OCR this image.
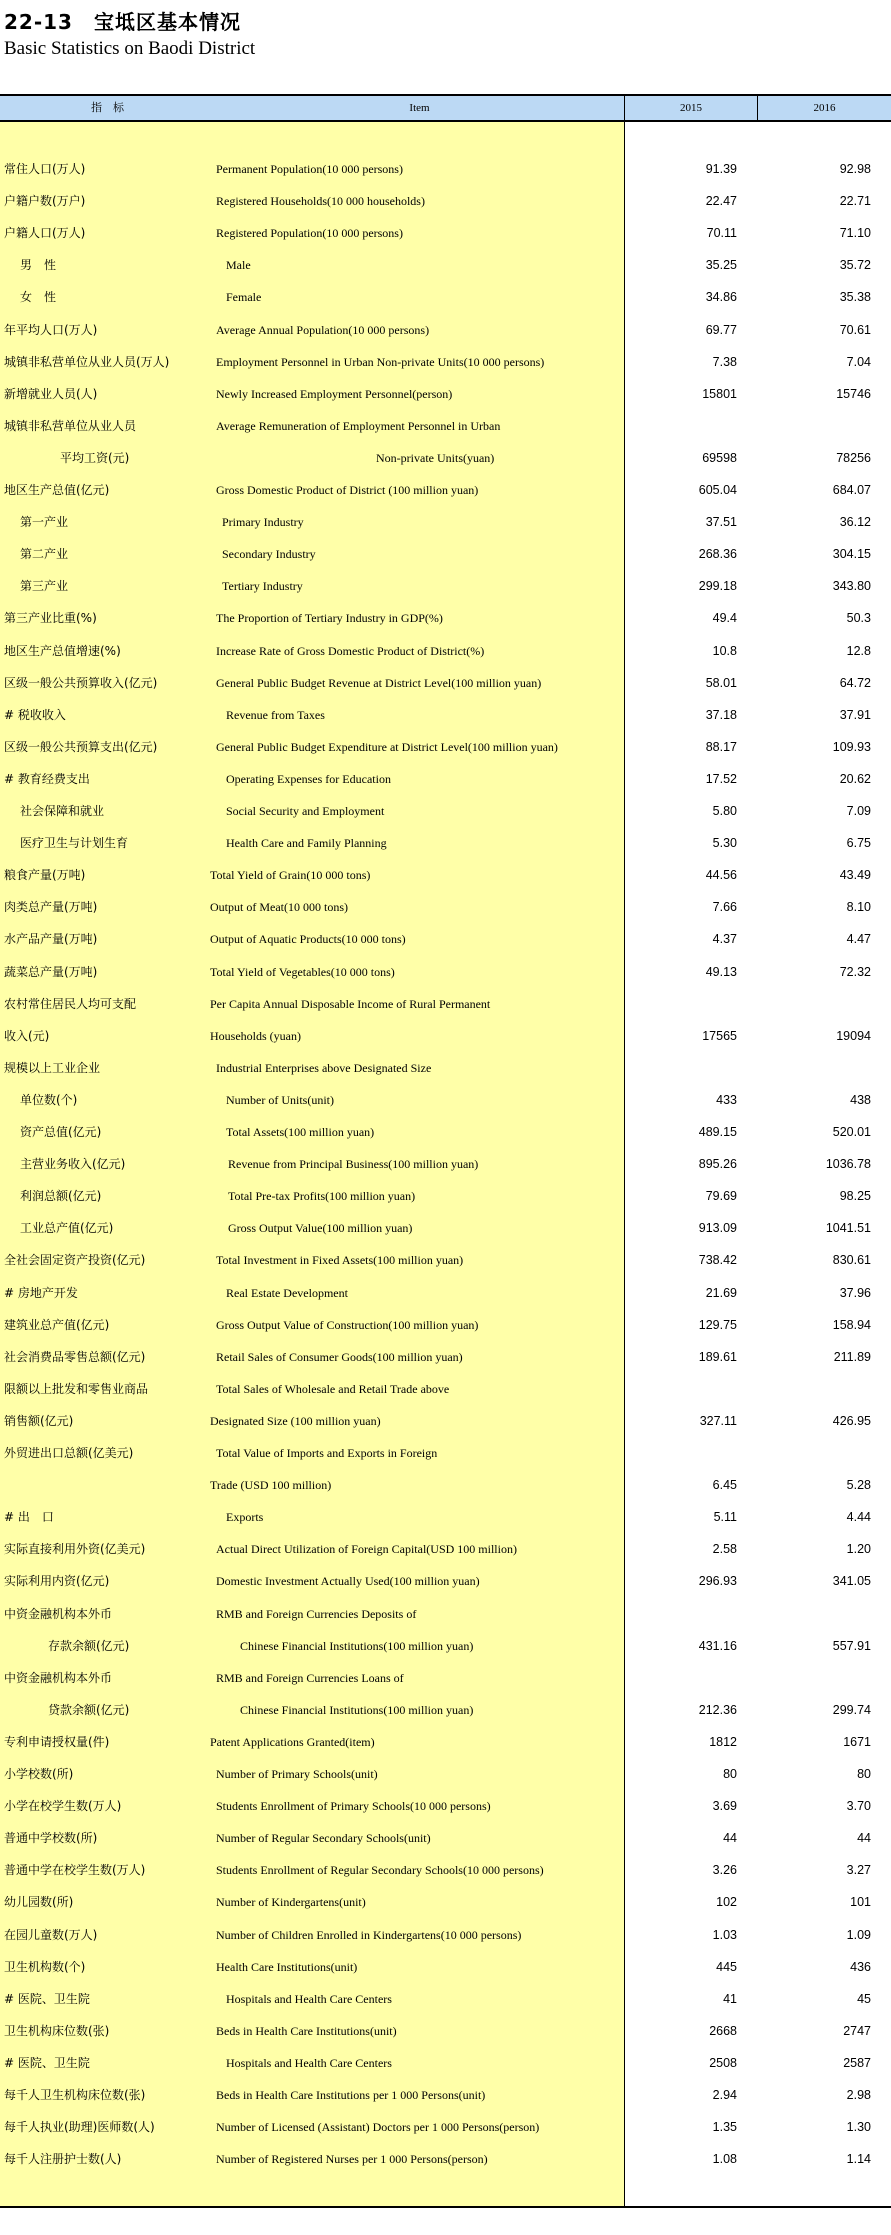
22-13　宝坻区基本情况
Basic Statistics on Baodi District
指　标	Item	2015	2016
常住人口(万人)	Permanent Population(10 000 persons)	91.39	92.98
户籍户数(万户)	Registered Households(10 000 households)	22.47	22.71
户籍人口(万人)	Registered Population(10 000 persons)	70.11	71.10
男　性	Male	35.25	35.72
女　性	Female	34.86	35.38
年平均人口(万人)	Average Annual Population(10 000 persons)	69.77	70.61
城镇非私营单位从业人员(万人)	Employment Personnel in Urban Non-private Units(10 000 persons)	7.38	7.04
新增就业人员(人)	Newly Increased Employment Personnel(person)	15801	15746
城镇非私营单位从业人员	Average Remuneration of Employment Personnel in Urban
平均工资(元)	Non-private Units(yuan)	69598	78256
地区生产总值(亿元)	Gross Domestic Product of District (100 million yuan)	605.04	684.07
第一产业	Primary Industry	37.51	36.12
第二产业	Secondary Industry	268.36	304.15
第三产业	Tertiary Industry	299.18	343.80
第三产业比重(%)	The Proportion of Tertiary Industry in GDP(%)	49.4	50.3
地区生产总值增速(%)	Increase Rate of Gross Domestic Product of District(%)	10.8	12.8
区级一般公共预算收入(亿元)	General Public Budget Revenue at District Level(100 million yuan)	58.01	64.72
# 税收收入	Revenue from Taxes	37.18	37.91
区级一般公共预算支出(亿元)	General Public Budget Expenditure at District Level(100 million yuan)	88.17	109.93
# 教育经费支出	Operating Expenses for Education	17.52	20.62
社会保障和就业	Social Security and Employment	5.80	7.09
医疗卫生与计划生育	Health Care and Family Planning	5.30	6.75
粮食产量(万吨)	Total Yield of Grain(10 000 tons)	44.56	43.49
肉类总产量(万吨)	Output of Meat(10 000 tons)	7.66	8.10
水产品产量(万吨)	Output of Aquatic Products(10 000 tons)	4.37	4.47
蔬菜总产量(万吨)	Total Yield of Vegetables(10 000 tons)	49.13	72.32
农村常住居民人均可支配	Per Capita Annual Disposable Income of Rural Permanent
收入(元)	Households (yuan)	17565	19094
规模以上工业企业	Industrial Enterprises above Designated Size
单位数(个)	Number of Units(unit)	433	438
资产总值(亿元)	Total Assets(100 million yuan)	489.15	520.01
主营业务收入(亿元)	Revenue from Principal Business(100 million yuan)	895.26	1036.78
利润总额(亿元)	Total Pre-tax Profits(100 million yuan)	79.69	98.25
工业总产值(亿元)	Gross Output Value(100 million yuan)	913.09	1041.51
全社会固定资产投资(亿元)	Total Investment in Fixed Assets(100 million yuan)	738.42	830.61
# 房地产开发	Real Estate Development	21.69	37.96
建筑业总产值(亿元)	Gross Output Value of Construction(100 million yuan)	129.75	158.94
社会消费品零售总额(亿元)	Retail Sales of Consumer Goods(100 million yuan)	189.61	211.89
限额以上批发和零售业商品	Total Sales of Wholesale and Retail Trade above
销售额(亿元)	Designated Size (100 million yuan)	327.11	426.95
外贸进出口总额(亿美元)	Total Value of Imports and Exports in Foreign
Trade (USD 100 million)	6.45	5.28
# 出　口	Exports	5.11	4.44
实际直接利用外资(亿美元)	Actual Direct Utilization of Foreign Capital(USD 100 million)	2.58	1.20
实际利用内资(亿元)	Domestic Investment Actually Used(100 million yuan)	296.93	341.05
中资金融机构本外币	RMB and Foreign Currencies Deposits of
存款余额(亿元)	Chinese Financial Institutions(100 million yuan)	431.16	557.91
中资金融机构本外币	RMB and Foreign Currencies Loans of
贷款余额(亿元)	Chinese Financial Institutions(100 million yuan)	212.36	299.74
专利申请授权量(件)	Patent Applications Granted(item)	1812	1671
小学校数(所)	Number of Primary Schools(unit)	80	80
小学在校学生数(万人)	Students Enrollment of Primary Schools(10 000 persons)	3.69	3.70
普通中学校数(所)	Number of Regular Secondary Schools(unit)	44	44
普通中学在校学生数(万人)	Students Enrollment of Regular Secondary Schools(10 000 persons)	3.26	3.27
幼儿园数(所)	Number of Kindergartens(unit)	102	101
在园儿童数(万人)	Number of Children Enrolled in Kindergartens(10 000 persons)	1.03	1.09
卫生机构数(个)	Health Care Institutions(unit)	445	436
# 医院、卫生院	Hospitals and Health Care Centers	41	45
卫生机构床位数(张)	Beds in Health Care Institutions(unit)	2668	2747
# 医院、卫生院	Hospitals and Health Care Centers	2508	2587
每千人卫生机构床位数(张)	Beds in Health Care Institutions per 1 000 Persons(unit)	2.94	2.98
每千人执业(助理)医师数(人)	Number of Licensed (Assistant) Doctors per 1 000 Persons(person)	1.35	1.30
每千人注册护士数(人)	Number of Registered Nurses per 1 000 Persons(person)	1.08	1.14
